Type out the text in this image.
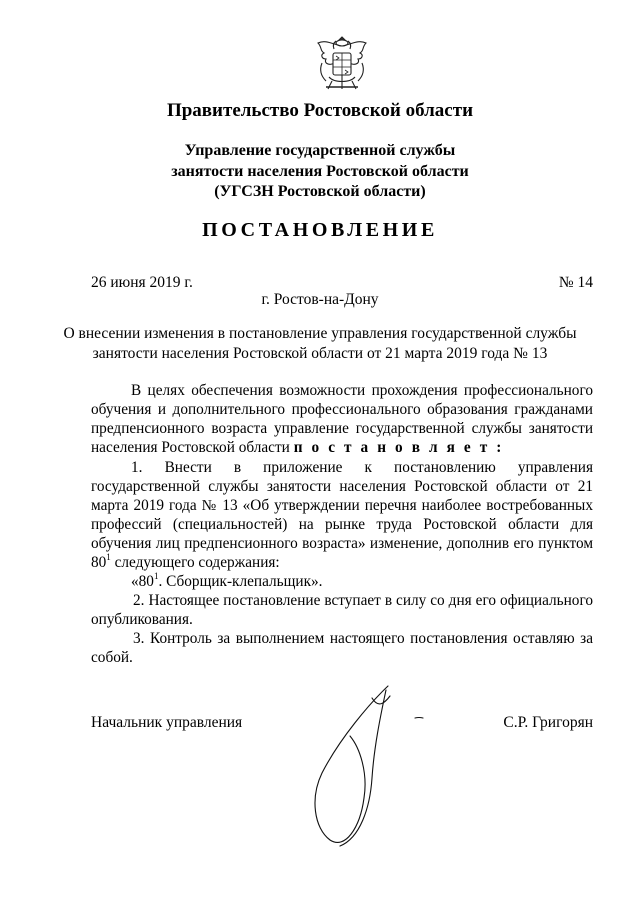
Правительство Ростовской области
Управление государственной службы
занятости населения Ростовской области
(УГСЗН Ростовской области)
ПОСТАНОВЛЕНИЕ
26 июня 2019 г.	№ 14
г. Ростов-на-Дону
О внесении изменения в постановление управления государственной службы
занятости населения Ростовской области от 21 марта 2019 года № 13

В целях обеспечения возможности прохождения профессионального обучения и дополнительного профессионального образования гражданами предпенсионного возраста управление государственной службы занятости населения Ростовской области п о с т а н о в л я е т :

1. Внести в приложение к постановлению управления государственной службы занятости населения Ростовской области от 21 марта 2019 года № 13 «Об утверждении перечня наиболее востребованных профессий (специальностей) на рынке труда Ростовской области для обучения лиц предпенсионного возраста» изменение, дополнив его пунктом $80^1$ следующего содержания:

«$80^1$. Сборщик-клепальщик».

2. Настоящее постановление вступает в силу со дня его официального опубликования.

3. Контроль за выполнением настоящего постановления оставляю за собой.

Начальник управления	С.Р. Григорян
